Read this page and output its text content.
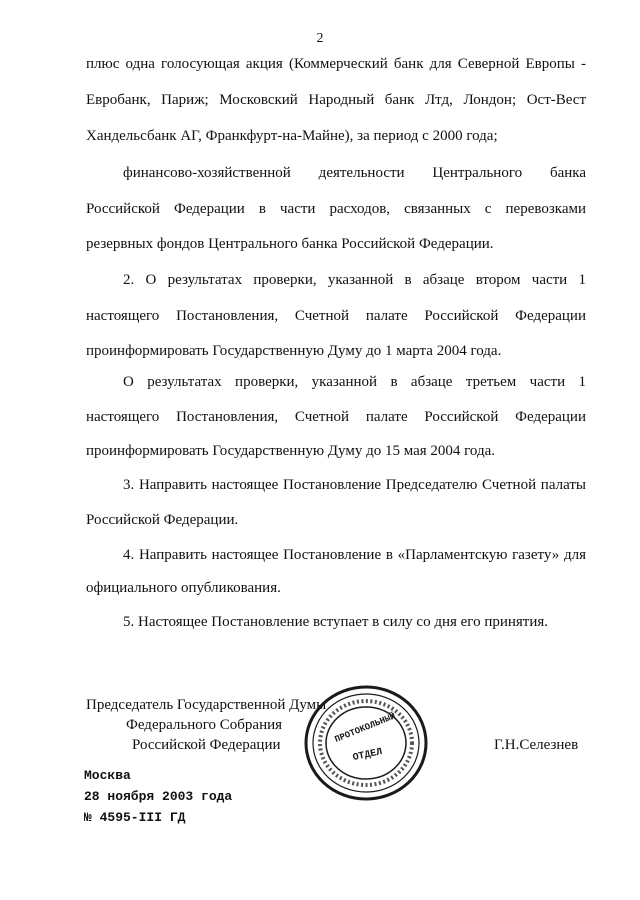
2
плюс одна голосующая акция (Коммерческий банк для Северной Европы -
Евробанк, Париж; Московский Народный банк Лтд, Лондон; Ост-Вест
Хандельсбанк АГ, Франкфурт-на-Майне), за период с 2000 года;
финансово-хозяйственной деятельности Центрального банка
Российской Федерации в части расходов, связанных с перевозками
резервных фондов Центрального банка Российской Федерации.
2. О результатах проверки, указанной в абзаце втором части 1
настоящего Постановления, Счетной палате Российской Федерации
проинформировать Государственную Думу до 1 марта 2004 года.
О результатах проверки, указанной в абзаце третьем части 1
настоящего Постановления, Счетной палате Российской Федерации
проинформировать Государственную Думу до 15 мая 2004 года.
3. Направить настоящее Постановление Председателю Счетной палаты
Российской Федерации.
4. Направить настоящее Постановление в «Парламентскую газету» для
официального опубликования.
5. Настоящее Постановление вступает в силу со дня его принятия.
Председатель Государственной Думы
Федерального Собрания
Российской Федерации	Г.Н.Селезнев
ПРОТОКОЛЬНЫЙ
ОТДЕЛ
Москва
28 ноября 2003 года
№ 4595-III ГД
